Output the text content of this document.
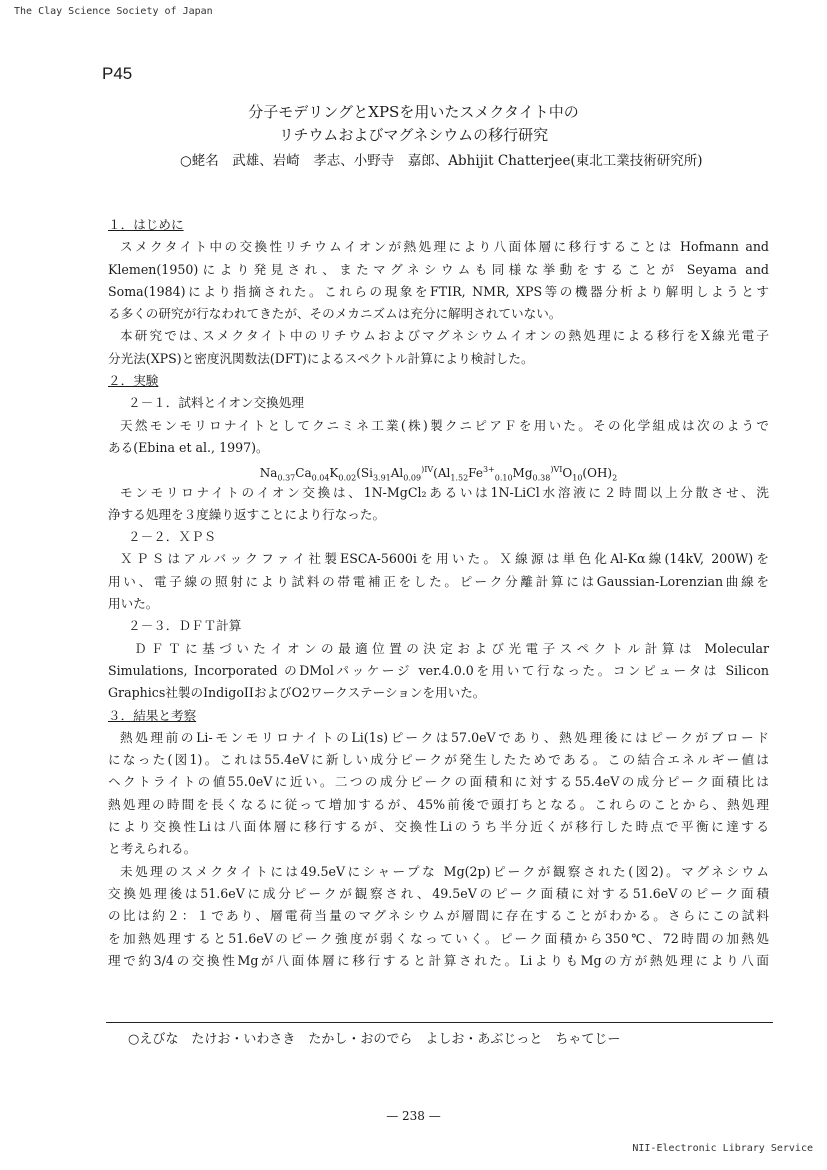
The Clay Science Society of Japan
P45
分子モデリングとXPSを用いたスメクタイト中の
リチウムおよびマグネシウムの移行研究
○蛯名　武雄、岩崎　孝志、小野寺　嘉郎、Abhijit Chatterjee(東北工業技術研究所)
１．はじめに
スメクタイト中の交換性リチウムイオンが熱処理により八面体層に移行することは Hofmann and
Klemen(1950)により発見され、またマグネシウムも同様な挙動をすることが Seyama and
Soma(1984)により指摘された。これらの現象をFTIR, NMR, XPS等の機器分析より解明しようとす
る多くの研究が行なわれてきたが、そのメカニズムは充分に解明されていない。
本研究では､スメクタイト中のリチウムおよびマグネシウムイオンの熱処理による移行をX線光電子
分光法(XPS)と密度汎関数法(DFT)によるスペクトル計算により検討した。
２．実験
２－１．試料とイオン交換処理
天然モンモリロナイトとしてクニミネ工業(株)製クニピアＦを用いた。その化学組成は次のようで
ある(Ebina et al., 1997)。
$Na_{0.37}Ca_{0.04}K_{0.02}(Si_{3.91}Al_{0.09}^{)IV}(Al_{1.52}Fe^{3+}_{0.10}Mg_{0.38}^{)VI}O_{10}(OH)_2$
モンモリロナイトのイオン交換は、1N-MgCl₂あるいは1N-LiCl水溶液に２時間以上分散させ、洗
浄する処理を３度繰り返すことにより行なった。
２－２．ＸＰＳ
ＸＰＳはアルバックファイ社製ESCA-5600iを用いた。Ｘ線源は単色化Al-Kα線(14kV, 200W)を
用い、電子線の照射により試料の帯電補正をした。ピーク分離計算にはGaussian-Lorenzian曲線を
用いた。
２－３．ＤＦＴ計算
ＤＦＴに基づいたイオンの最適位置の決定および光電子スペクトル計算は Molecular
Simulations, Incorporated のDMolパッケージ ver.4.0.0を用いて行なった。コンピュータは Silicon
Graphics社製のIndigoIIおよびO2ワークステーションを用いた。
３．結果と考察
熱処理前のLi-モンモリロナイトのLi(1s)ピークは57.0eVであり、熱処理後にはピークがブロード
になった(図1)。これは55.4eVに新しい成分ピークが発生したためである。この結合エネルギー値は
ヘクトライトの値55.0eVに近い。二つの成分ピークの面積和に対する55.4eVの成分ピーク面積比は
熱処理の時間を長くなるに従って増加するが、45%前後で頭打ちとなる。これらのことから、熱処理
により交換性Liは八面体層に移行するが、交換性Liのうち半分近くが移行した時点で平衡に達する
と考えられる。
未処理のスメクタイトには49.5eVにシャープな Mg(2p)ピークが観察された(図2)。マグネシウム
交換処理後は51.6eVに成分ピークが観察され、49.5eVのピーク面積に対する51.6eVのピーク面積
の比は約２：１であり、層電荷当量のマグネシウムが層間に存在することがわかる。さらにこの試料
を加熱処理すると51.6eVのピーク強度が弱くなっていく。ピーク面積から350℃、72時間の加熱処
理で約3/4の交換性Mgが八面体層に移行すると計算された。LiよりもMgの方が熱処理により八面
○えびな　たけお・いわさき　たかし・おのでら　よしお・あぶじっと　ちゃてじー
— 238 —
NII-Electronic Library Service
